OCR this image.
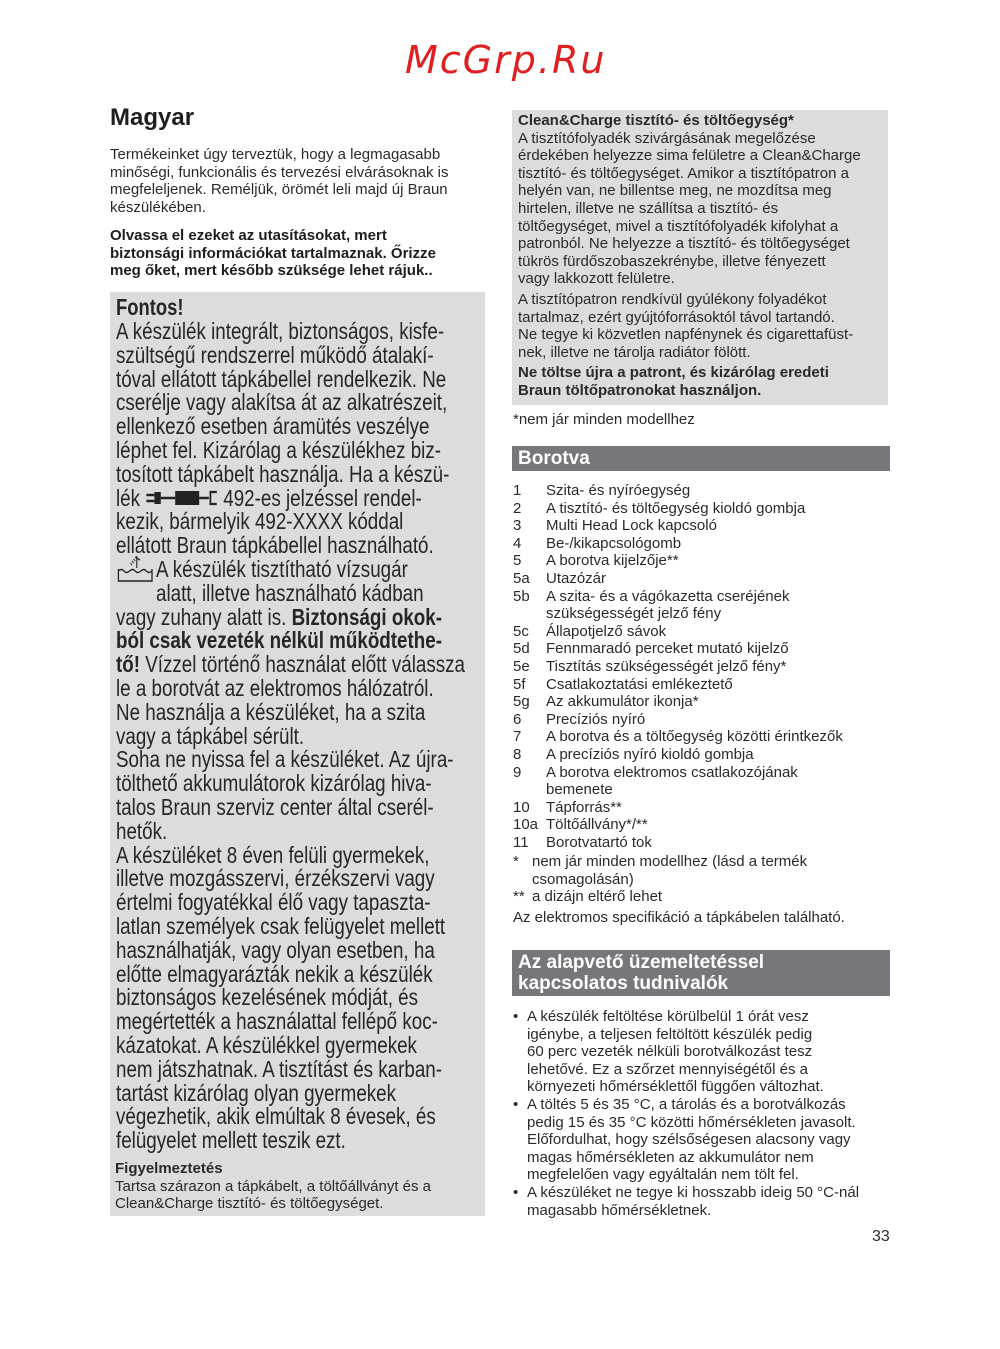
Magyar
Termékeinket úgy terveztük, hogy a legmagasabb
minőségi, funkcionális és tervezési elvárásoknak is
megfeleljenek. Reméljük, örömét leli majd új Braun
készülékében.
Olvassa el ezeket az utasításokat, mert
biztonsági információkat tartalmaznak. Őrizze
meg őket, mert később szüksége lehet rájuk..
Fontos!
A készülék integrált, biztonságos, kisfe-
szültségű rendszerrel működő átalakí-
tóval ellátott tápkábellel rendelkezik. Ne
cserélje vagy alakítsa át az alkatrészeit,
ellenkező esetben áramütés veszélye
léphet fel. Kizárólag a készülékhez biz-
tosított tápkábelt használja. Ha a készü-
lék	492-es jelzéssel rendel-
kezik, bármelyik 492-XXXX kóddal
ellátott Braun tápkábellel használható.
A készülék tisztítható vízsugár
alatt, illetve használható kádban
vagy zuhany alatt is. Biztonsági okok-
ból csak vezeték nélkül működtethe-
tő! Vízzel történő használat előtt válassza
le a borotvát az elektromos hálózatról.
Ne használja a készüléket, ha a szita
vagy a tápkábel sérült.
Soha ne nyissa fel a készüléket. Az újra-
tölthető akkumulátorok kizárólag hiva-
talos Braun szerviz center által cserél-
hetők.
A készüléket 8 éven felüli gyermekek,
illetve mozgásszervi, érzékszervi vagy
értelmi fogyatékkal élő vagy tapaszta-
latlan személyek csak felügyelet mellett
használhatják, vagy olyan esetben, ha
előtte elmagyarázták nekik a készülék
biztonságos kezelésének módját, és
megértették a használattal fellépő koc-
kázatokat. A készülékkel gyermekek
nem játszhatnak. A tisztítást és karban-
tartást kizárólag olyan gyermekek
végezhetik, akik elmúltak 8 évesek, és
felügyelet mellett teszik ezt.
Figyelmeztetés
Tartsa szárazon a tápkábelt, a töltőállványt és a
Clean&Charge tisztító- és töltőegységet.
Clean&Charge tisztító- és töltőegység*
A tisztítófolyadék szivárgásának megelőzése
érdekében helyezze sima felületre a Clean&Charge
tisztító- és töltőegységet. Amikor a tisztítópatron a
helyén van, ne billentse meg, ne mozdítsa meg
hirtelen, illetve ne szállítsa a tisztító- és
töltőegységet, mivel a tisztítófolyadék kifolyhat a
patronból. Ne helyezze a tisztító- és töltőegységet
tükrös fürdőszobaszekrénybe, illetve fényezett
vagy lakkozott felületre.
A tisztítópatron rendkívül gyúlékony folyadékot
tartalmaz, ezért gyújtóforrásoktól távol tartandó.
Ne tegye ki közvetlen napfénynek és cigarettafüst-
nek, illetve ne tárolja radiátor fölött.
Ne töltse újra a patront, és kizárólag eredeti
Braun töltőpatronokat használjon.
*nem jár minden modellhez
Borotva
1	Szita- és nyíróegység
2	A tisztító- és töltőegység kioldó gombja
3	Multi Head Lock kapcsoló
4	Be-/kikapcsológomb
5	A borotva kijelzője**
5a	Utazózár
5b	A szita- és a vágókazetta cseréjének
szükségességét jelző fény
5c	Állapotjelző sávok
5d	Fennmaradó perceket mutató kijelző
5e	Tisztítás szükségességét jelző fény*
5f	Csatlakoztatási emlékeztető
5g	Az akkumulátor ikonja*
6	Precíziós nyíró
7	A borotva és a töltőegység közötti érintkezők
8	A precíziós nyíró kioldó gombja
9	A borotva elektromos csatlakozójának
bemenete
10	Tápforrás**
10a Töltőállvány*/**
11	Borotvatartó tok
* nem jár minden modellhez (lásd a termék
csomagolásán)
** a dizájn eltérő lehet
Az elektromos specifikáció a tápkábelen található.
Az alapvető üzemeltetéssel
kapcsolatos tudnivalók
• A készülék feltöltése körülbelül 1 órát vesz
igénybe, a teljesen feltöltött készülék pedig
60 perc vezeték nélküli borotválkozást tesz
lehetővé. Ez a szőrzet mennyiségétől és a
környezeti hőmérséklettől függően változhat.
• A töltés 5 és 35 °C, a tárolás és a borotválkozás
pedig 15 és 35 °C közötti hőmérsékleten javasolt.
Előfordulhat, hogy szélsőségesen alacsony vagy
magas hőmérsékleten az akkumulátor nem
megfelelően vagy egyáltalán nem tölt fel.
• A készüléket ne tegye ki hosszabb ideig 50 °C-nál
magasabb hőmérsékletnek.
33
McGrp.Ru
